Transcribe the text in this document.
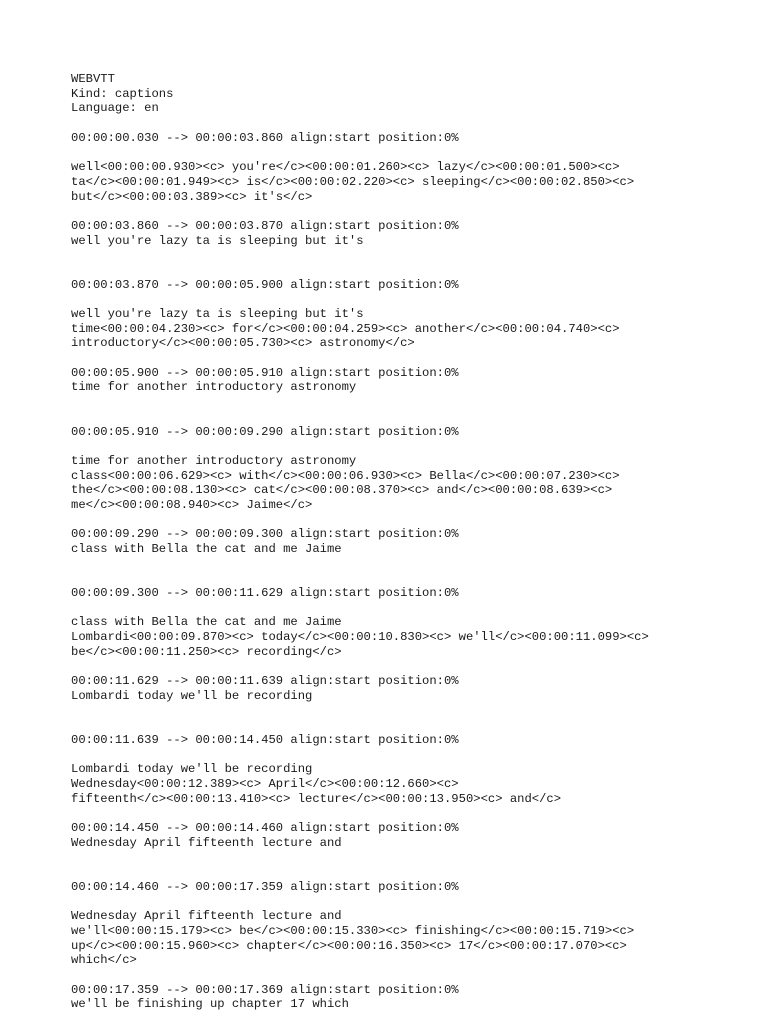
WEBVTT
Kind: captions
Language: en
00:00:00.030 --> 00:00:03.860 align:start position:0%
well<00:00:00.930><c> you're</c><00:00:01.260><c> lazy</c><00:00:01.500><c>
ta</c><00:00:01.949><c> is</c><00:00:02.220><c> sleeping</c><00:00:02.850><c>
but</c><00:00:03.389><c> it's</c>
00:00:03.860 --> 00:00:03.870 align:start position:0%
well you're lazy ta is sleeping but it's
00:00:03.870 --> 00:00:05.900 align:start position:0%
well you're lazy ta is sleeping but it's
time<00:00:04.230><c> for</c><00:00:04.259><c> another</c><00:00:04.740><c>
introductory</c><00:00:05.730><c> astronomy</c>
00:00:05.900 --> 00:00:05.910 align:start position:0%
time for another introductory astronomy
00:00:05.910 --> 00:00:09.290 align:start position:0%
time for another introductory astronomy
class<00:00:06.629><c> with</c><00:00:06.930><c> Bella</c><00:00:07.230><c>
the</c><00:00:08.130><c> cat</c><00:00:08.370><c> and</c><00:00:08.639><c>
me</c><00:00:08.940><c> Jaime</c>
00:00:09.290 --> 00:00:09.300 align:start position:0%
class with Bella the cat and me Jaime
00:00:09.300 --> 00:00:11.629 align:start position:0%
class with Bella the cat and me Jaime
Lombardi<00:00:09.870><c> today</c><00:00:10.830><c> we'll</c><00:00:11.099><c>
be</c><00:00:11.250><c> recording</c>
00:00:11.629 --> 00:00:11.639 align:start position:0%
Lombardi today we'll be recording
00:00:11.639 --> 00:00:14.450 align:start position:0%
Lombardi today we'll be recording
Wednesday<00:00:12.389><c> April</c><00:00:12.660><c>
fifteenth</c><00:00:13.410><c> lecture</c><00:00:13.950><c> and</c>
00:00:14.450 --> 00:00:14.460 align:start position:0%
Wednesday April fifteenth lecture and
00:00:14.460 --> 00:00:17.359 align:start position:0%
Wednesday April fifteenth lecture and
we'll<00:00:15.179><c> be</c><00:00:15.330><c> finishing</c><00:00:15.719><c>
up</c><00:00:15.960><c> chapter</c><00:00:16.350><c> 17</c><00:00:17.070><c>
which</c>
00:00:17.359 --> 00:00:17.369 align:start position:0%
we'll be finishing up chapter 17 which
